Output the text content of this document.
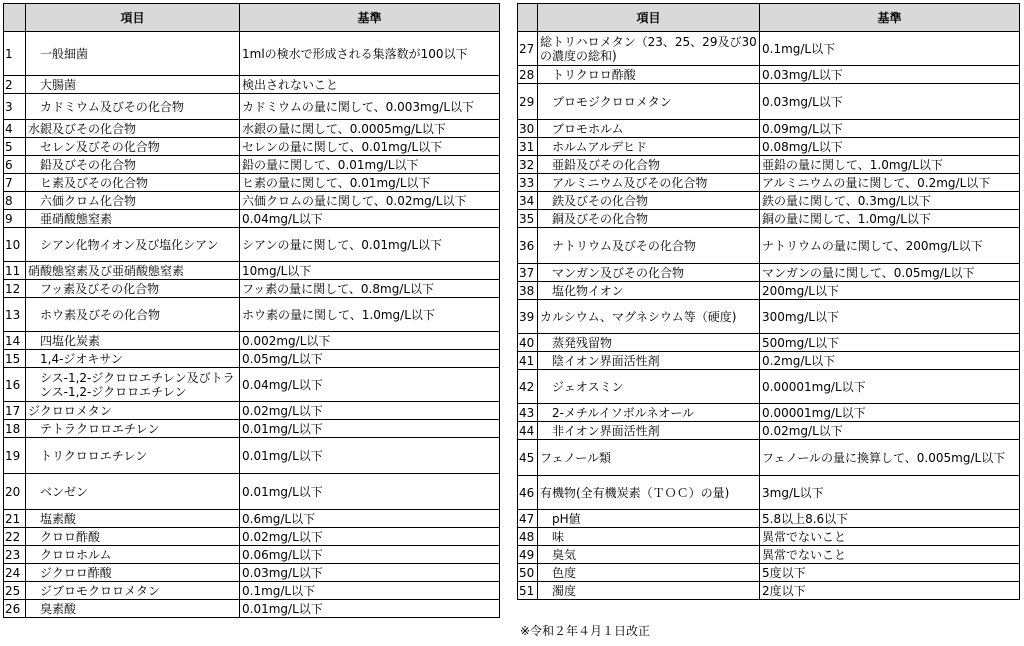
	項目	基準
1	一般細菌	1mlの検水で形成される集落数が100以下
2	大腸菌	検出されないこと
3	カドミウム及びその化合物	カドミウムの量に関して、0.003mg/L以下
4	水銀及びその化合物	水銀の量に関して、0.0005mg/L以下
5	セレン及びその化合物	セレンの量に関して、0.01mg/L以下
6	鉛及びその化合物	鉛の量に関して、0.01mg/L以下
7	ヒ素及びその化合物	ヒ素の量に関して、0.01mg/L以下
8	六価クロム化合物	六価クロムの量に関して、0.02mg/L以下
9	亜硝酸態窒素	0.04mg/L以下
10	シアン化物イオン及び塩化シアン	シアンの量に関して、0.01mg/L以下
11	硝酸態窒素及び亜硝酸態窒素	10mg/L以下
12	フッ素及びその化合物	フッ素の量に関して、0.8mg/L以下
13	ホウ素及びその化合物	ホウ素の量に関して、1.0mg/L以下
14	四塩化炭素	0.002mg/L以下
15	1,4-ジオキサン	0.05mg/L以下
16	シス-1,2-ジクロロエチレン及びトランス-1,2-ジクロロエチレン	0.04mg/L以下
17	ジクロロメタン	0.02mg/L以下
18	テトラクロロエチレン	0.01mg/L以下
19	トリクロロエチレン	0.01mg/L以下
20	ベンゼン	0.01mg/L以下
21	塩素酸	0.6mg/L以下
22	クロロ酢酸	0.02mg/L以下
23	クロロホルム	0.06mg/L以下
24	ジクロロ酢酸	0.03mg/L以下
25	ジブロモクロロメタン	0.1mg/L以下
26	臭素酸	0.01mg/L以下
	項目	基準
27	総トリハロメタン（23、25、29及び30の濃度の総和)	0.1mg/L以下
28	トリクロロ酢酸	0.03mg/L以下
29	ブロモジクロロメタン	0.03mg/L以下
30	ブロモホルム	0.09mg/L以下
31	ホルムアルデヒド	0.08mg/L以下
32	亜鉛及びその化合物	亜鉛の量に関して、1.0mg/L以下
33	アルミニウム及びその化合物	アルミニウムの量に関して、0.2mg/L以下
34	鉄及びその化合物	鉄の量に関して、0.3mg/L以下
35	銅及びその化合物	銅の量に関して、1.0mg/L以下
36	ナトリウム及びその化合物	ナトリウムの量に関して、200mg/L以下
37	マンガン及びその化合物	マンガンの量に関して、0.05mg/L以下
38	塩化物イオン	200mg/L以下
39	カルシウム、マグネシウム等（硬度)	300mg/L以下
40	蒸発残留物	500mg/L以下
41	陰イオン界面活性剤	0.2mg/L以下
42	ジェオスミン	0.00001mg/L以下
43	2-メチルイソボルネオール	0.00001mg/L以下
44	非イオン界面活性剤	0.02mg/L以下
45	フェノール類	フェノールの量に換算して、0.005mg/L以下
46	有機物(全有機炭素（ＴＯＣ）の量)	3mg/L以下
47	pH値	5.8以上8.6以下
48	味	異常でないこと
49	臭気	異常でないこと
50	色度	5度以下
51	濁度	2度以下
※令和２年４月１日改正
